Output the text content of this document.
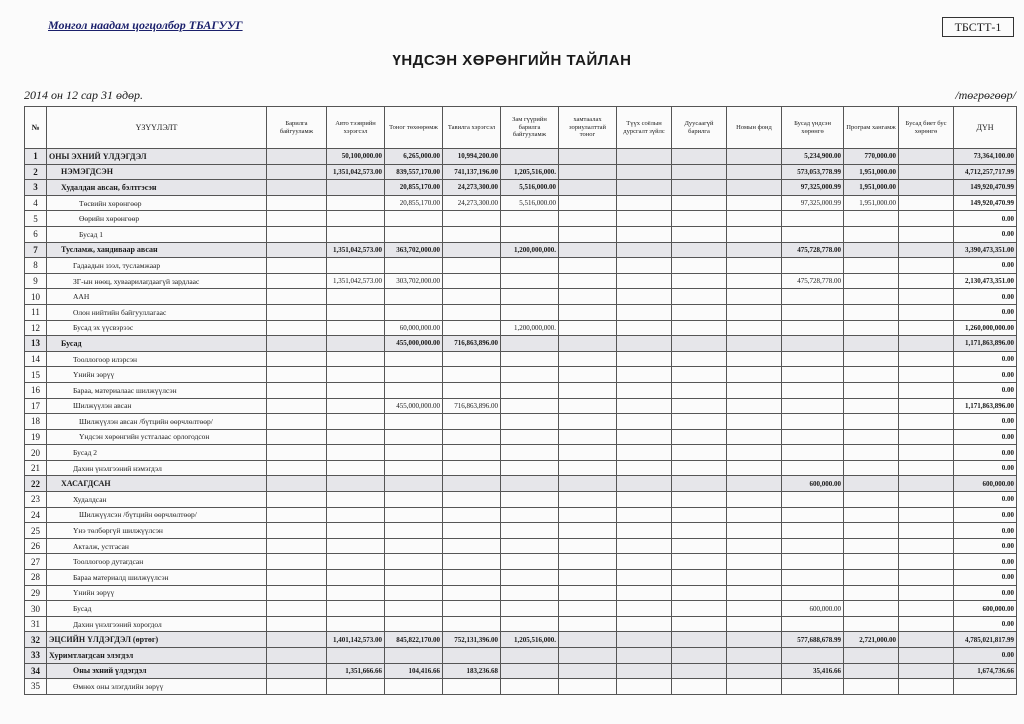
Монгол наадам цогцолбор ТБАГУУГ	ТБСТТ-1
ҮНДСЭН ХӨРӨНГИЙН ТАЙЛАН
2014 он 12 сар 31 өдөр.	/төгрөгөөр/
№	ҮЗҮҮЛЭЛТ	Барилга байгууламж	Авто тээврийн хэрэгсэл	Тоног төхөөрөмж	Тавилга хэрэгсэл	Зам гүүрийн барилга байгууламж	хамтаалах зориулалттай тоног	Түүх соёлын дурсгалт зүйлс	Дуусаагүй барилга	Номын фонд	Бусад үндсэн хөрөнгө	Програм хангамж	Бусад биет бус хөрөнгө	ДҮН
1	ОНЫ ЭХНИЙ ҮЛДЭГДЭЛ		50,100,000.00	6,265,000.00	10,994,200.00						5,234,900.00	770,000.00		73,364,100.00
2	НЭМЭГДСЭН		1,351,042,573.00	839,557,170.00	741,137,196.00	1,205,516,000.					573,053,778.99	1,951,000.00		4,712,257,717.99
3	Худалдан авсан, бэлтгэсэн			20,855,170.00	24,273,300.00	5,516,000.00					97,325,000.99	1,951,000.00		149,920,470.99
4	Төсвийн хөрөнгөөр			20,855,170.00	24,273,300.00	5,516,000.00					97,325,000.99	1,951,000.00		149,920,470.99
5	Өөрийн хөрөнгөөр													0.00
6	Бусад 1													0.00
7	Тусламж, хандиваар авсан		1,351,042,573.00	363,702,000.00		1,200,000,000.					475,728,778.00			3,390,473,351.00
8	Гадаадын зээл, тусламжаар													0.00
9	ЗГ-ын нөөц, хуваарилагдаагүй зардлаас		1,351,042,573.00	303,702,000.00							475,728,778.00			2,130,473,351.00
10	ААН													0.00
11	Олон нийтийн байгууллагаас													0.00
12	Бусад эх үүсвэрээс			60,000,000.00		1,200,000,000.								1,260,000,000.00
13	Бусад			455,000,000.00	716,863,896.00									1,171,863,896.00
14	Тооллогоор илэрсэн													0.00
15	Үнийн зөрүү													0.00
16	Бараа, материалаас шилжүүлсэн													0.00
17	Шилжүүлэн авсан			455,000,000.00	716,863,896.00									1,171,863,896.00
18	Шилжүүлэн авсан /бүтцийн өөрчлөлтөөр/													0.00
19	Үндсэн хөрөнгийн устгалаас орлогодсон													0.00
20	Бусад 2													0.00
21	Дахин үнэлгээний нэмэгдэл													0.00
22	ХАСАГДСАН										600,000.00			600,000.00
23	Худалдсан													0.00
24	Шилжүүлсэн /бүтцийн өөрчлөлтөөр/													0.00
25	Үнэ төлбөргүй шилжүүлсэн													0.00
26	Акталж, устгасан													0.00
27	Тооллогоор дутагдсан													0.00
28	Бараа материалд шилжүүлсэн													0.00
29	Үнийн зөрүү													0.00
30	Бусад										600,000.00			600,000.00
31	Дахин үнэлгээний хорогдол													0.00
32	ЭЦСИЙН ҮЛДЭГДЭЛ (өртөг)		1,401,142,573.00	845,822,170.00	752,131,396.00	1,205,516,000.					577,688,678.99	2,721,000.00		4,785,021,817.99
33	Хуримтлагдсан элэгдэл													0.00
34	Оны эхний үлдэгдэл		1,351,666.66	104,416.66	183,236.68						35,416.66			1,674,736.66
35	Өмнөх оны элэгдлийн зөрүү													
